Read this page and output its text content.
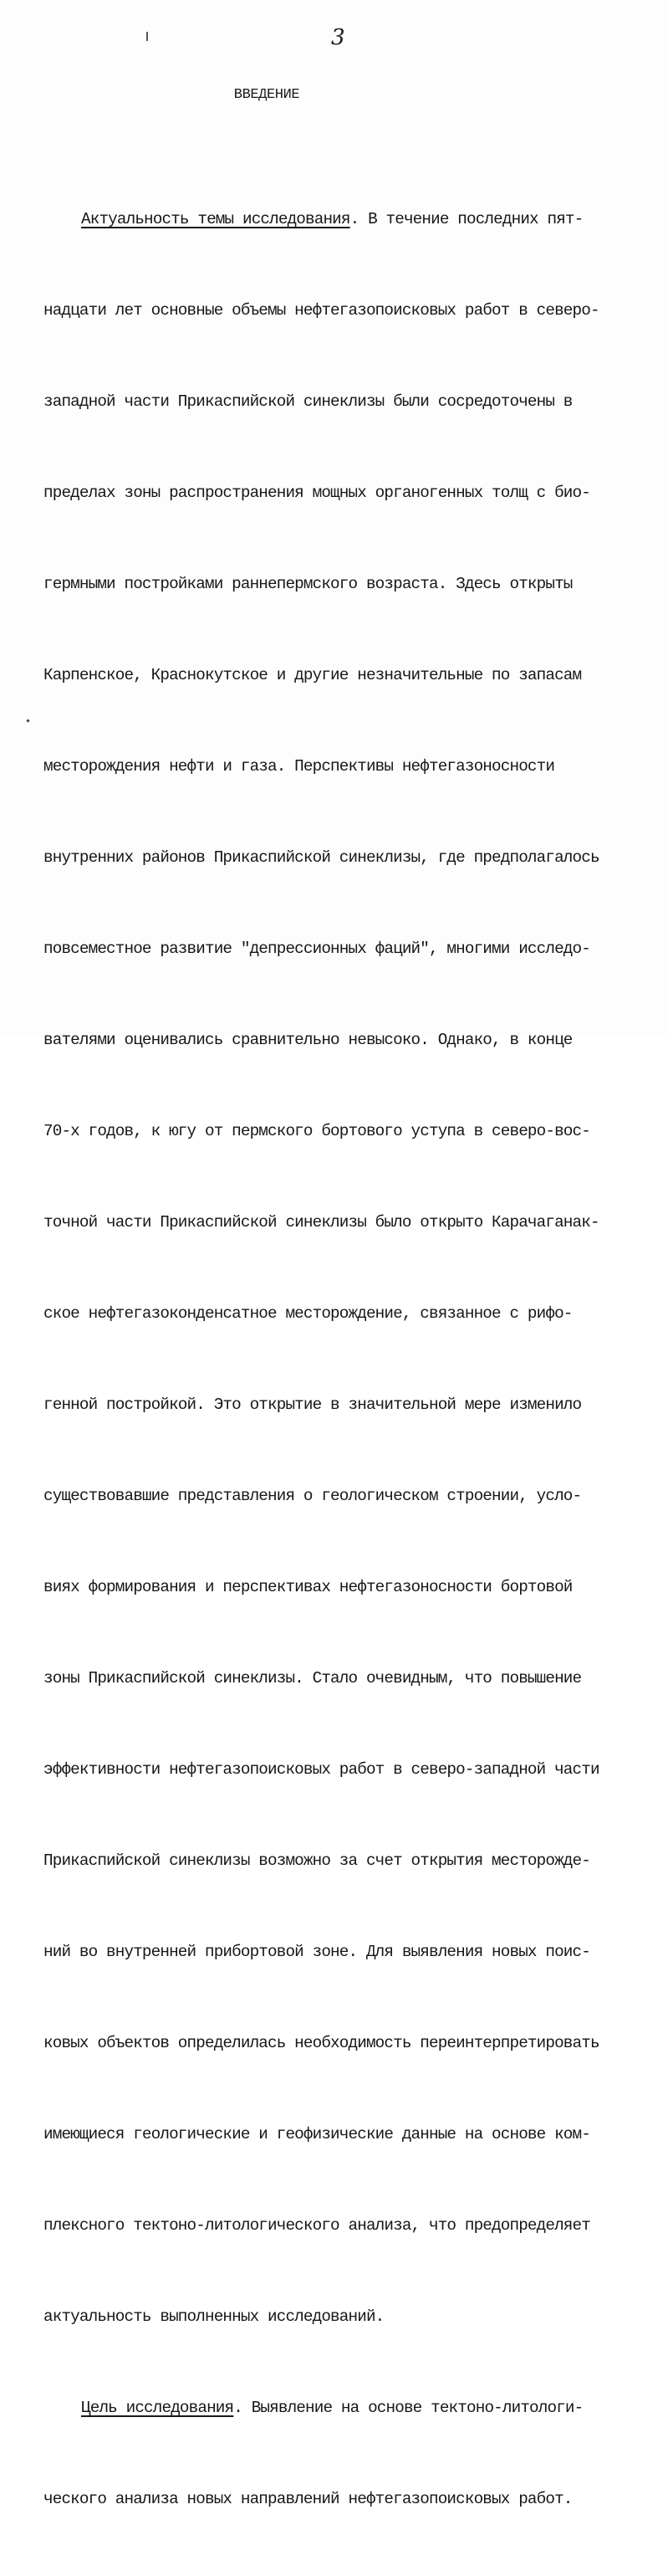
3
ВВЕДЕНИЕ

Актуальность темы исследования. В течение последних пят-

надцати лет основные объемы нефтегазопоисковых работ в северо-

западной части Прикаспийской синеклизы были сосредоточены в

пределах зоны распространения мощных органогенных толщ с био-

гермными постройками раннепермского возраста. Здесь открыты

Карпенское, Краснокутское и другие незначительные по запасам

месторождения нефти и газа. Перспективы нефтегазоносности

внутренних районов Прикаспийской синеклизы, где предполагалось

повсеместное развитие "депрессионных фаций", многими исследо-

вателями оценивались сравнительно невысоко. Однако, в конце

70-х годов, к югу от пермского бортового уступа в северо-вос-

точной части Прикаспийской синеклизы было открыто Карачаганак-

ское нефтегазоконденсатное месторождение, связанное с рифо-

генной постройкой. Это открытие в значительной мере изменило

существовавшие представления о геологическом строении, усло-

виях формирования и перспективах нефтегазоносности бортовой

зоны Прикаспийской синеклизы. Стало очевидным, что повышение

эффективности нефтегазопоисковых работ в северо-западной части

Прикаспийской синеклизы возможно за счет открытия месторожде-

ний во внутренней прибортовой зоне. Для выявления новых поис-

ковых объектов определилась необходимость переинтерпретировать

имеющиеся геологические и геофизические данные на основе ком-

плексного тектоно-литологического анализа, что предопределяет

актуальность выполненных исследований.

Цель исследования. Выявление на основе тектоно-литологи-

ческого анализа новых направлений нефтегазопоисковых работ.
